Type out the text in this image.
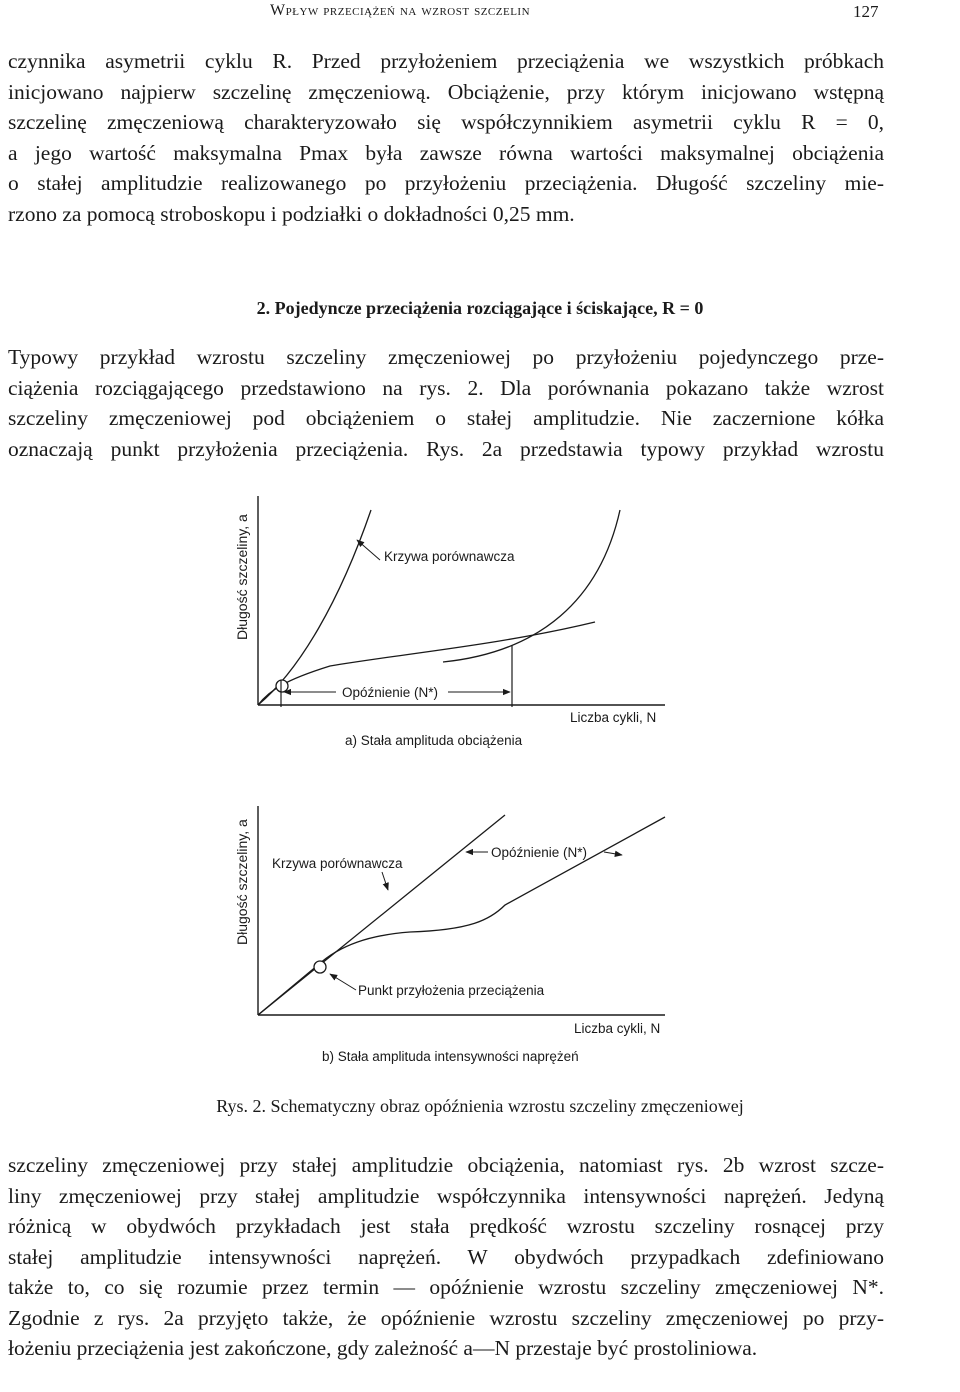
Wpływ przeciążeń na wzrost szczelin	127
czynnika asymetrii cyklu R. Przed przyłożeniem przeciążenia we wszystkich próbkach
inicjowano najpierw szczelinę zmęczeniową. Obciążenie, przy którym inicjowano wstępną
szczelinę zmęczeniową charakteryzowało się współczynnikiem asymetrii cyklu R = 0,
a jego wartość maksymalna Pmax była zawsze równa wartości maksymalnej obciążenia
o stałej amplitudzie realizowanego po przyłożeniu przeciążenia. Długość szczeliny mie-
rzono za pomocą stroboskopu i podziałki o dokładności 0,25 mm.
2. Pojedyncze przeciążenia rozciągające i ściskające, R = 0
Typowy przykład wzrostu szczeliny zmęczeniowej po przyłożeniu pojedynczego prze-
ciążenia rozciągającego przedstawiono na rys. 2. Dla porównania pokazano także wzrost
szczeliny zmęczeniowej pod obciążeniem o stałej amplitudzie. Nie zaczernione kółka
oznaczają punkt przyłożenia przeciążenia. Rys. 2a przedstawia typowy przykład wzrostu
Długość szczeliny, a	Krzywa porównawcza
Opóźnienie (N*)
Liczba cykli, N
a) Stała amplituda obciążenia
Długość szczeliny, a Krzywa porównawcza
Opóźnienie (N*)
Punkt przyłożenia przeciążenia
Liczba cykli, N
b) Stała amplituda intensywności naprężeń
Rys. 2. Schematyczny obraz opóźnienia wzrostu szczeliny zmęczeniowej
szczeliny zmęczeniowej przy stałej amplitudzie obciążenia, natomiast rys. 2b wzrost szcze-
liny zmęczeniowej przy stałej amplitudzie współczynnika intensywności naprężeń. Jedyną
różnicą w obydwóch przykładach jest stała prędkość wzrostu szczeliny rosnącej przy
stałej amplitudzie intensywności naprężeń. W obydwóch przypadkach zdefiniowano
także to, co się rozumie przez termin — opóźnienie wzrostu szczeliny zmęczeniowej N*.
Zgodnie z rys. 2a przyjęto także, że opóźnienie wzrostu szczeliny zmęczeniowej po przy-
łożeniu przeciążenia jest zakończone, gdy zależność a—N przestaje być prostoliniowa.
